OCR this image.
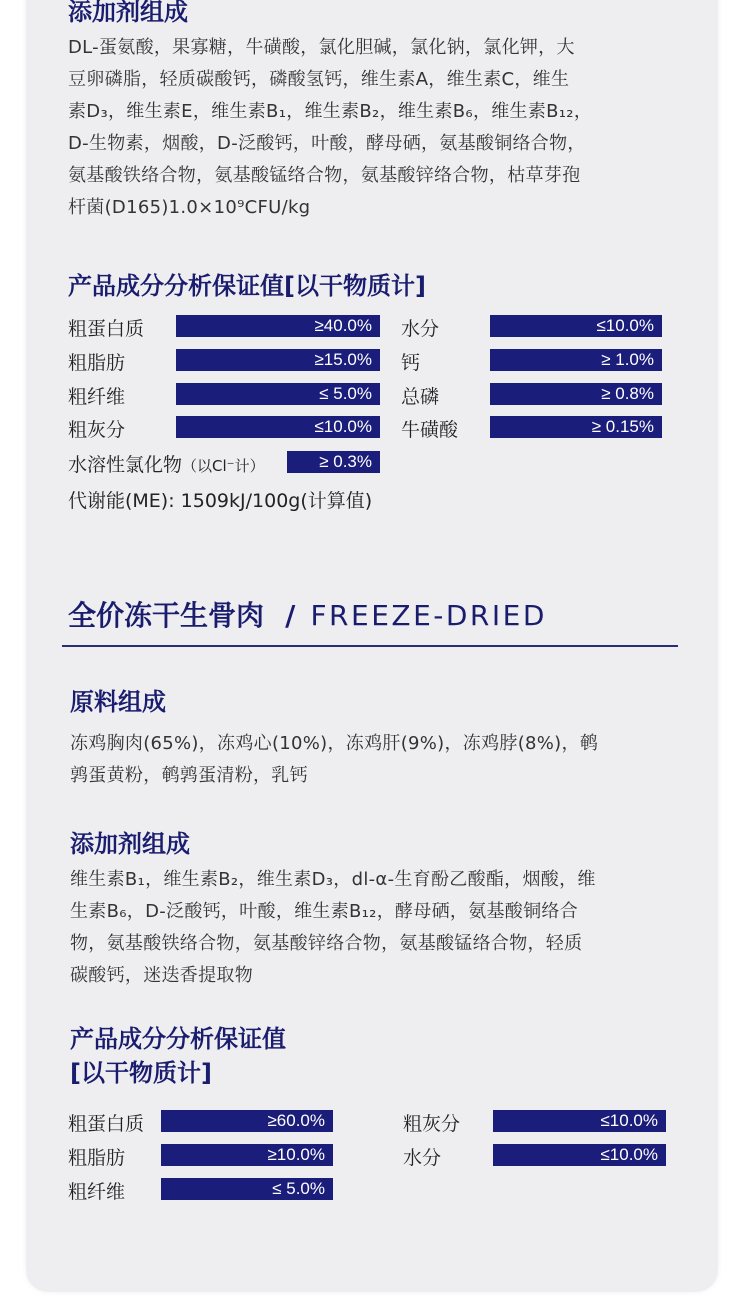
添加剂组成
DL-蛋氨酸，果寡糖，牛磺酸，氯化胆碱，氯化钠，氯化钾，大
豆卵磷脂，轻质碳酸钙，磷酸氢钙，维生素A，维生素C，维生
素D₃，维生素E，维生素B₁，维生素B₂，维生素B₆，维生素B₁₂，
D-生物素，烟酸，D-泛酸钙，叶酸，酵母硒，氨基酸铜络合物，
氨基酸铁络合物，氨基酸锰络合物，氨基酸锌络合物，枯草芽孢
杆菌(D165)1.0×10⁹CFU/kg
产品成分分析保证值[以干物质计]
粗蛋白质	≥40.0%
粗脂肪	≥15.0%
粗纤维	≤ 5.0%
粗灰分	≤10.0%
水分	≤10.0%
钙	≥ 1.0%
总磷	≥ 0.8%
牛磺酸	≥ 0.15%
水溶性氯化物（以Cl⁻计）	≥ 0.3%
代谢能(ME): 1509kJ/100g(计算值)
全价冻干生骨肉 / FREEZE-DRIED
原料组成
冻鸡胸肉(65%)，冻鸡心(10%)，冻鸡肝(9%)，冻鸡脖(8%)，鹌
鹑蛋黄粉，鹌鹑蛋清粉，乳钙
添加剂组成
维生素B₁，维生素B₂，维生素D₃，dl-α-生育酚乙酸酯，烟酸，维
生素B₆，D-泛酸钙，叶酸，维生素B₁₂，酵母硒，氨基酸铜络合
物，氨基酸铁络合物，氨基酸锌络合物，氨基酸锰络合物，轻质
碳酸钙，迷迭香提取物
产品成分分析保证值
[以干物质计]
粗蛋白质	≥60.0%
粗脂肪	≥10.0%
粗纤维	≤ 5.0%
粗灰分	≤10.0%
水分	≤10.0%
